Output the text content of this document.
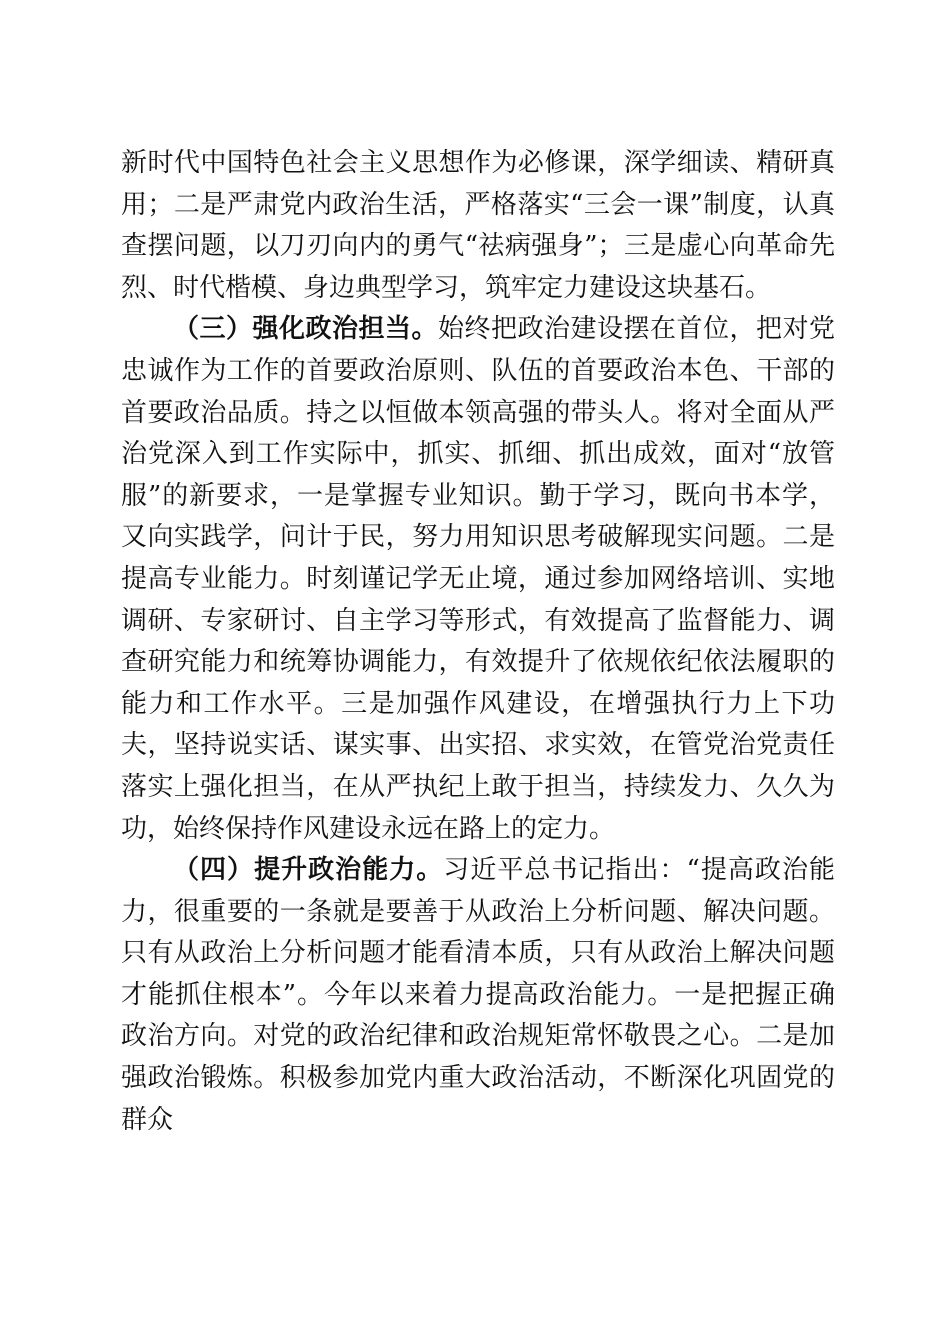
新时代中国特色社会主义思想作为必修课，深学细读、精研真用；二是严肃党内政治生活，严格落实“三会一课”制度，认真查摆问题，以刀刃向内的勇气“祛病强身”；三是虚心向革命先烈、时代楷模、身边典型学习，筑牢定力建设这块基石。

（三）强化政治担当。始终把政治建设摆在首位，把对党忠诚作为工作的首要政治原则、队伍的首要政治本色、干部的首要政治品质。持之以恒做本领高强的带头人。将对全面从严治党深入到工作实际中，抓实、抓细、抓出成效，面对“放管服”的新要求，一是掌握专业知识。勤于学习，既向书本学，又向实践学，问计于民，努力用知识思考破解现实问题。二是提高专业能力。时刻谨记学无止境，通过参加网络培训、实地调研、专家研讨、自主学习等形式，有效提高了监督能力、调查研究能力和统筹协调能力，有效提升了依规依纪依法履职的能力和工作水平。三是加强作风建设，在增强执行力上下功夫，坚持说实话、谋实事、出实招、求实效，在管党治党责任落实上强化担当，在从严执纪上敢于担当，持续发力、久久为功，始终保持作风建设永远在路上的定力。

（四）提升政治能力。习近平总书记指出：“提高政治能力，很重要的一条就是要善于从政治上分析问题、解决问题。只有从政治上分析问题才能看清本质，只有从政治上解决问题才能抓住根本”。今年以来着力提高政治能力。一是把握正确政治方向。对党的政治纪律和政治规矩常怀敬畏之心。二是加强政治锻炼。积极参加党内重大政治活动，不断深化巩固党的群众
